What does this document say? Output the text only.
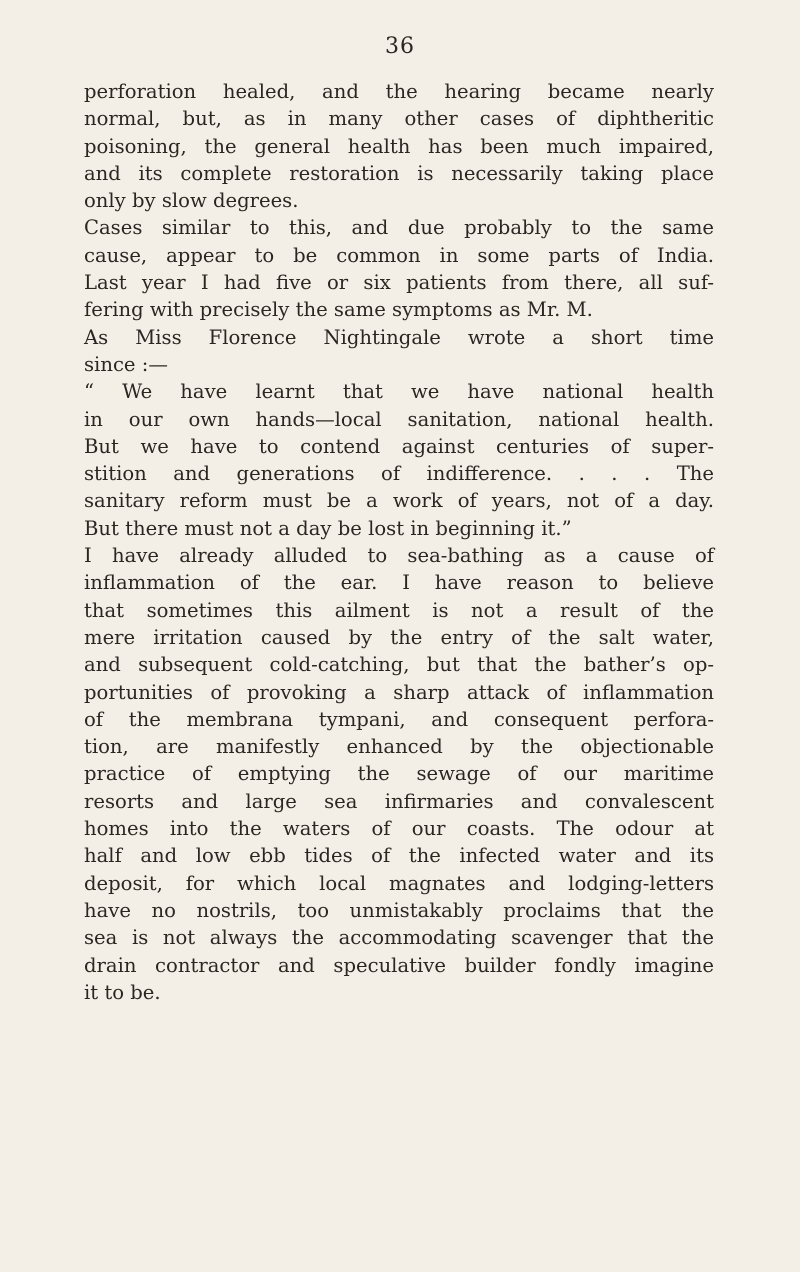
36
perforation healed, and the hearing became nearly
normal, but, as in many other cases of diphtheritic
poisoning, the general health has been much impaired,
and its complete restoration is necessarily taking place
only by slow degrees.
Cases similar to this, and due probably to the same
cause, appear to be common in some parts of India.
Last year I had five or six patients from there, all suf-
fering with precisely the same symptoms as Mr. M.
As Miss Florence Nightingale wrote a short time
since :—
“ We have learnt that we have national health
in our own hands—local sanitation, national health.
But we have to contend against centuries of super-
stition and generations of indifference. . . . The
sanitary reform must be a work of years, not of a day.
But there must not a day be lost in beginning it.”
I have already alluded to sea-bathing as a cause of
inflammation of the ear. I have reason to believe
that sometimes this ailment is not a result of the
mere irritation caused by the entry of the salt water,
and subsequent cold-catching, but that the bather’s op-
portunities of provoking a sharp attack of inflammation
of the membrana tympani, and consequent perfora-
tion, are manifestly enhanced by the objectionable
practice of emptying the sewage of our maritime
resorts and large sea infirmaries and convalescent
homes into the waters of our coasts. The odour at
half and low ebb tides of the infected water and its
deposit, for which local magnates and lodging-letters
have no nostrils, too unmistakably proclaims that the
sea is not always the accommodating scavenger that the
drain contractor and speculative builder fondly imagine
it to be.
